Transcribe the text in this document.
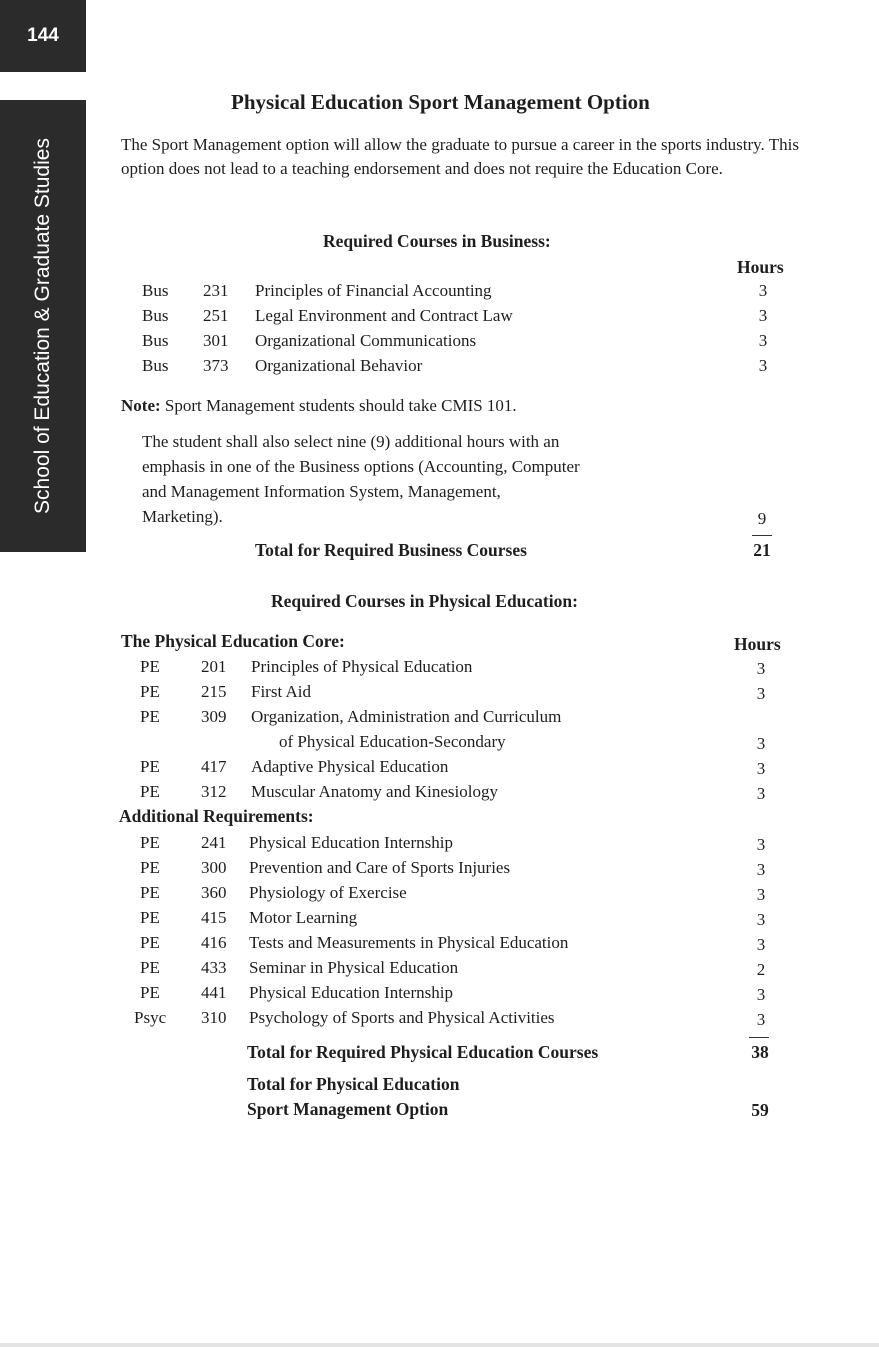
144
School of Education & Graduate Studies
Physical Education Sport Management Option
The Sport Management option will allow the graduate to pursue a career in the sports industry. This option does not lead to a teaching endorsement and does not require the Education Core.
Required Courses in Business:
Hours
Bus 231 Principles of Financial Accounting	3
Bus 251 Legal Environment and Contract Law	3
Bus 301 Organizational Communications	3
Bus 373 Organizational Behavior	3
Note: Sport Management students should take CMIS 101.
The student shall also select nine (9) additional hours with an
emphasis in one of the Business options (Accounting, Computer
and Management Information System, Management,
Marketing).	9
Total for Required Business Courses	21
Required Courses in Physical Education:
The Physical Education Core:	Hours
PE 201 Principles of Physical Education	3
PE 215 First Aid	3
PE 309 Organization, Administration and Curriculum
of Physical Education-Secondary	3
PE 417 Adaptive Physical Education	3
PE 312 Muscular Anatomy and Kinesiology	3
Additional Requirements:
PE 241 Physical Education Internship	3
PE 300 Prevention and Care of Sports Injuries	3
PE 360 Physiology of Exercise	3
PE 415 Motor Learning	3
PE 416 Tests and Measurements in Physical Education	3
PE 433 Seminar in Physical Education	2
PE 441 Physical Education Internship	3
Psyc 310 Psychology of Sports and Physical Activities	3
Total for Required Physical Education Courses	38
Total for Physical Education
Sport Management Option	59
